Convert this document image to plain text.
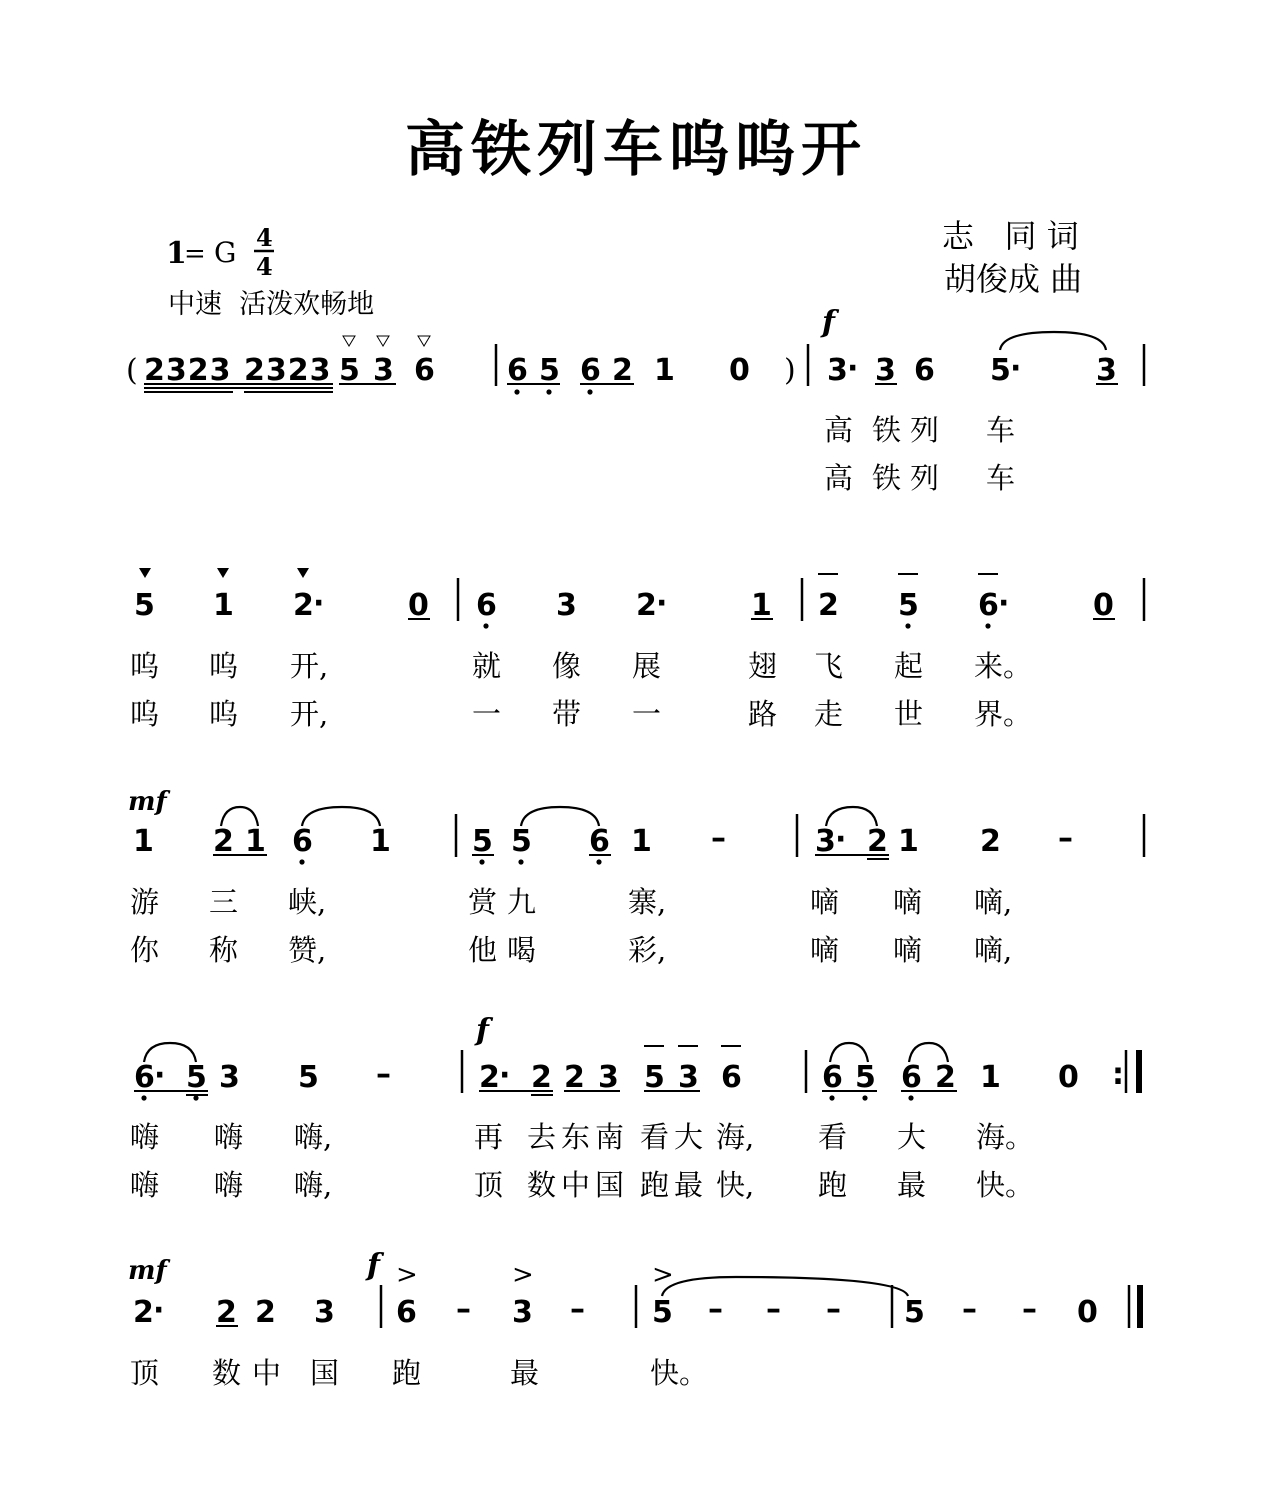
高铁列车呜呜开
1
= G 4
4
中速  活泼欢畅地
志   同 词
胡俊成 曲
( 2323 2323 5 3 6 6 5 6 2 1 0 )
f
3 · 3 6 5 · 3
高 铁 列 车
高 铁 列 车
5 1 2 ·	0 6 3 2 ·	1 2 5 6 ·	0
呜 呜 开,	就 像 展	翅 飞 起 来。
呜 呜 开,	一 带 一	路 走 世 界。
mf
1 2 1 6 1	5 5 6 1 –	3 · 2 1 2 –
游 三 峡,	赏 九	寨,	嘀 嘀 嘀,
你 称 赞,	他 喝	彩,	嘀 嘀 嘀,
6 · 5 3 5 –
f
2 · 2 2 3 5 3 6	6 5 6 2 1 0 :
嗨 嗨 嗨,	再 去 东 南 看 大 海, 看 大 海。
嗨 嗨 嗨,	顶 数 中 国 跑 最 快, 跑 最 快。
mf
2 · 2 2 3
f >
6 –
>
3 –
>
5 – – – 5 – – 0
顶 数 中 国 跑	最	快。
